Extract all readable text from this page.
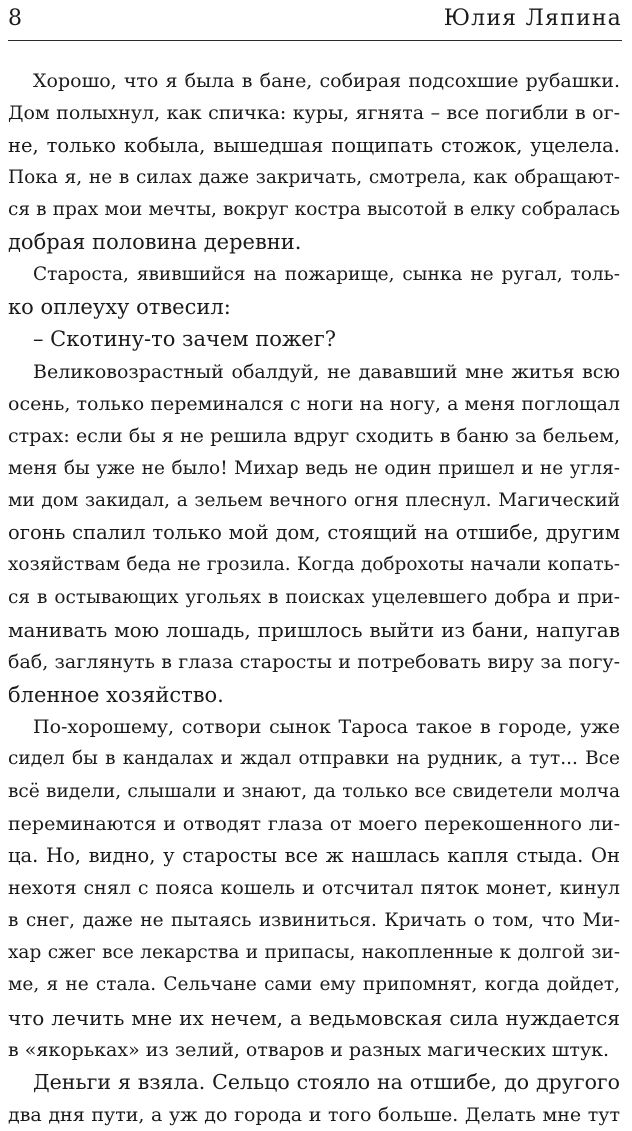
8	Юлия Ляпина
Хорошо, что я была в бане, собирая подсохшие рубашки.
Дом полыхнул, как спичка: куры, ягнята – все погибли в ог-
не, только кобыла, вышедшая пощипать стожок, уцелела.
Пока я, не в силах даже закричать, смотрела, как обращают-
ся в прах мои мечты, вокруг костра высотой в елку собралась
добрая половина деревни.
Староста, явившийся на пожарище, сынка не ругал, толь-
ко оплеуху отвесил:
– Скотину-то зачем пожег?
Великовозрастный обалдуй, не дававший мне житья всю
осень, только переминался с ноги на ногу, а меня поглощал
страх: если бы я не решила вдруг сходить в баню за бельем,
меня бы уже не было! Михар ведь не один пришел и не угля-
ми дом закидал, а зельем вечного огня плеснул. Магический
огонь спалил только мой дом, стоящий на отшибе, другим
хозяйствам беда не грозила. Когда доброхоты начали копать-
ся в остывающих угольях в поисках уцелевшего добра и при-
манивать мою лошадь, пришлось выйти из бани, напугав
баб, заглянуть в глаза старосты и потребовать виру за погу-
бленное хозяйство.
По-хорошему, сотвори сынок Тароса такое в городе, уже
сидел бы в кандалах и ждал отправки на рудник, а тут... Все
всё видели, слышали и знают, да только все свидетели молча
переминаются и отводят глаза от моего перекошенного ли-
ца. Но, видно, у старосты все ж нашлась капля стыда. Он
нехотя снял с пояса кошель и отсчитал пяток монет, кинул
в снег, даже не пытаясь извиниться. Кричать о том, что Ми-
хар сжег все лекарства и припасы, накопленные к долгой зи-
ме, я не стала. Сельчане сами ему припомнят, когда дойдет,
что лечить мне их нечем, а ведьмовская сила нуждается
в «якорьках» из зелий, отваров и разных магических штук.
Деньги я взяла. Сельцо стояло на отшибе, до другого
два дня пути, а уж до города и того больше. Делать мне тут
